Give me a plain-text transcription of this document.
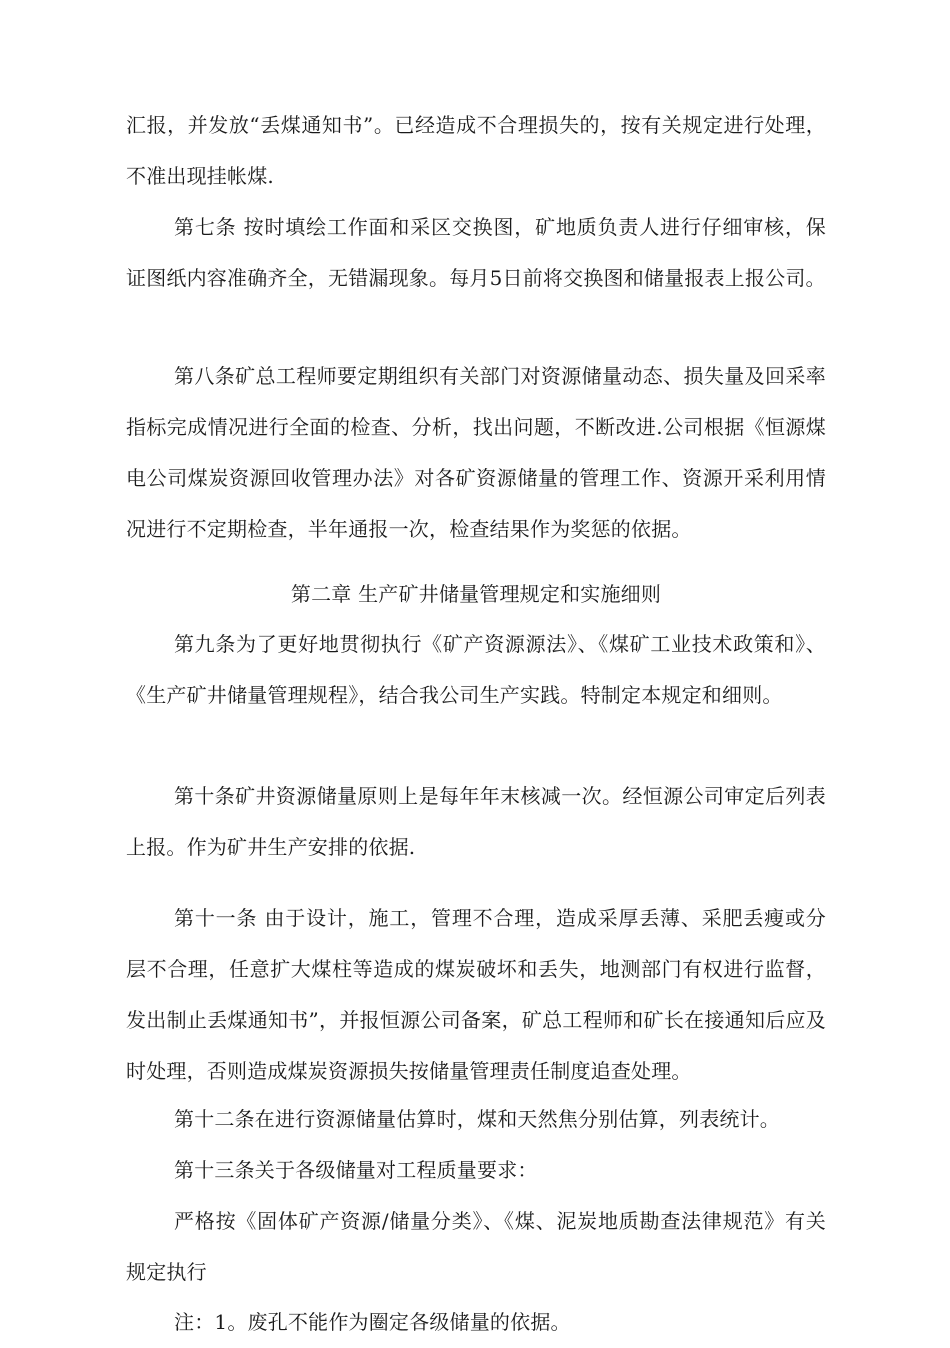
汇报，并发放“丢煤通知书”。已经造成不合理损失的，按有关规定进行处理，不准出现挂帐煤.
第七条 按时填绘工作面和采区交换图，矿地质负责人进行仔细审核，保证图纸内容准确齐全，无错漏现象。每月5日前将交换图和储量报表上报公司。
第八条矿总工程师要定期组织有关部门对资源储量动态、损失量及回采率指标完成情况进行全面的检查、分析，找出问题，不断改进.公司根据《恒源煤电公司煤炭资源回收管理办法》对各矿资源储量的管理工作、资源开采利用情况进行不定期检查，半年通报一次，检查结果作为奖惩的依据。
第二章 生产矿井储量管理规定和实施细则
第九条为了更好地贯彻执行《矿产资源源法》、《煤矿工业技术政策和》、《生产矿井储量管理规程》，结合我公司生产实践。特制定本规定和细则。
第十条矿井资源储量原则上是每年年末核减一次。经恒源公司审定后列表上报。作为矿井生产安排的依据.
第十一条 由于设计，施工，管理不合理，造成采厚丢薄、采肥丢瘦或分层不合理，任意扩大煤柱等造成的煤炭破坏和丢失，地测部门有权进行监督，发出制止丢煤通知书”，并报恒源公司备案，矿总工程师和矿长在接通知后应及时处理，否则造成煤炭资源损失按储量管理责任制度追查处理。
第十二条在进行资源储量估算时，煤和天然焦分别估算，列表统计。
第十三条关于各级储量对工程质量要求：
严格按《固体矿产资源/储量分类》、《煤、泥炭地质勘查法律规范》有关规定执行
注：1。废孔不能作为圈定各级储量的依据。
